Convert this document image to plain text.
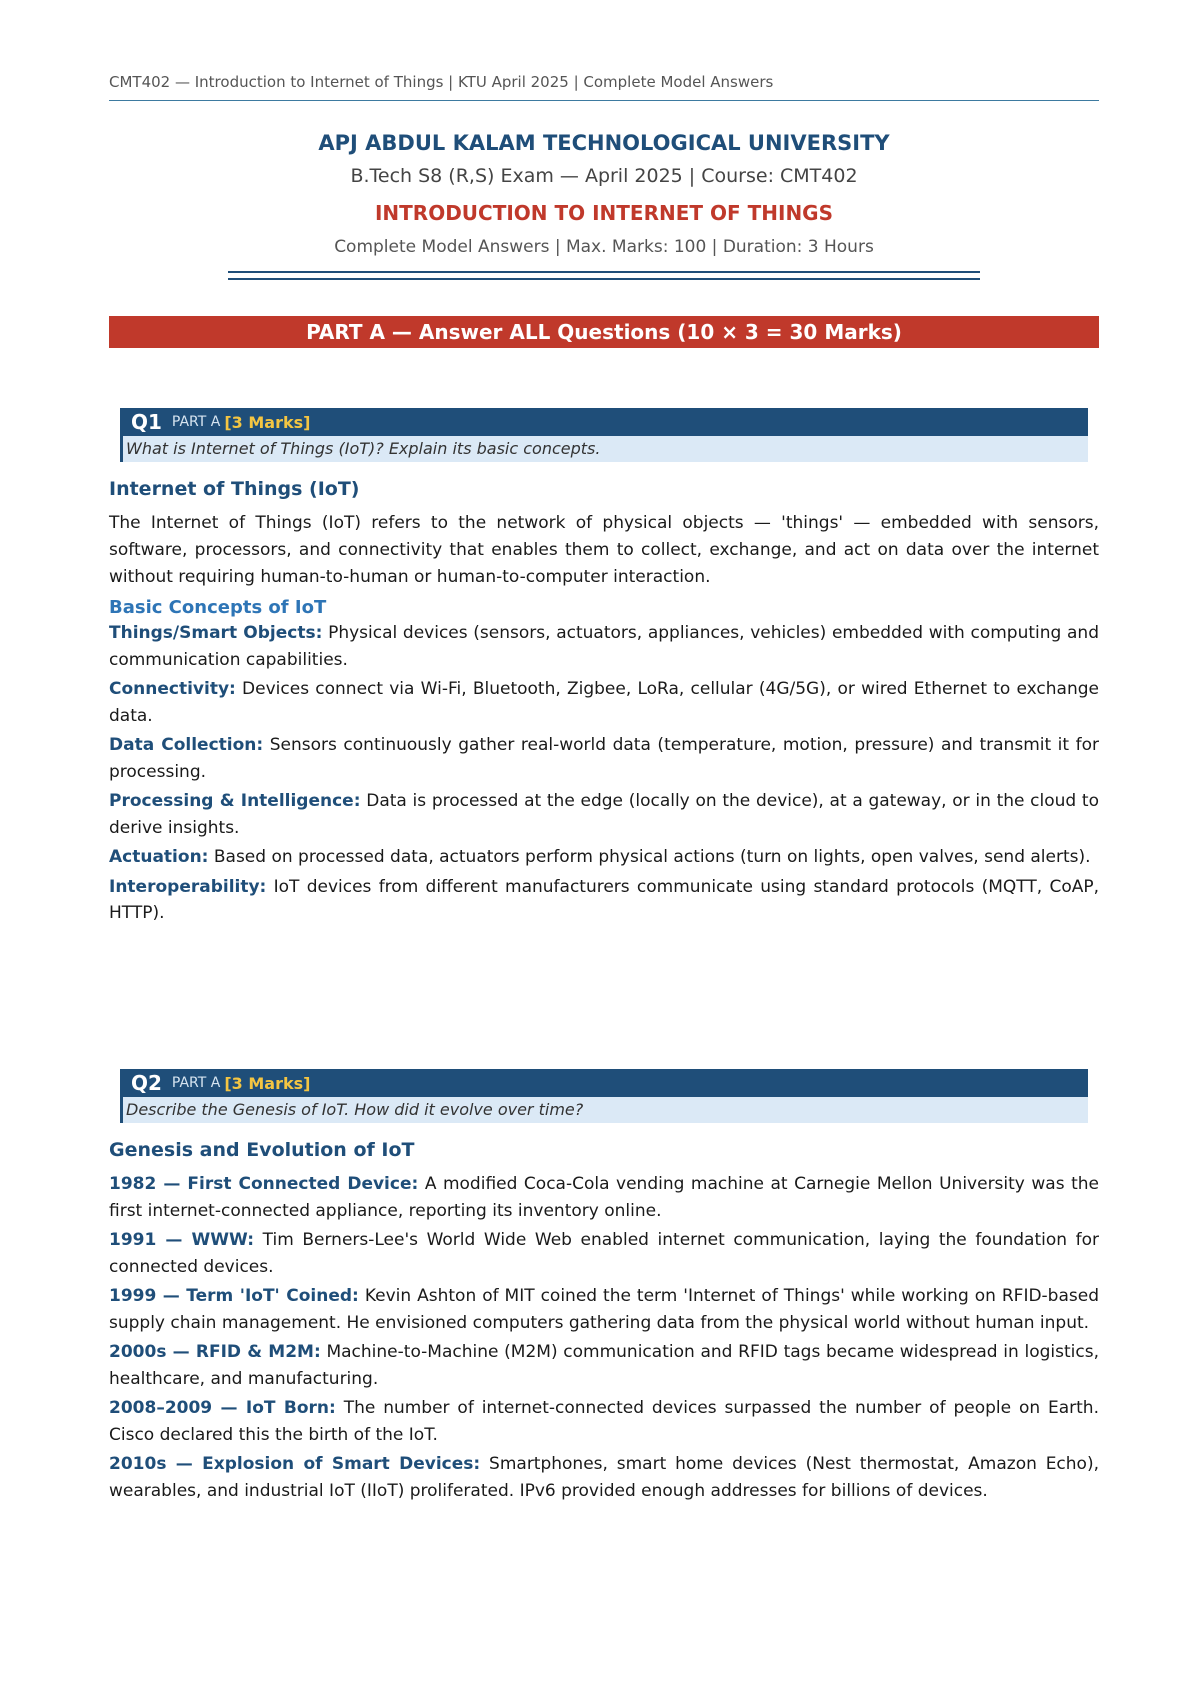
CMT402 — Introduction to Internet of Things | KTU April 2025 | Complete Model Answers

APJ ABDUL KALAM TECHNOLOGICAL UNIVERSITY

B.Tech S8 (R,S) Exam — April 2025 | Course: CMT402

INTRODUCTION TO INTERNET OF THINGS

Complete Model Answers | Max. Marks: 100 | Duration: 3 Hours

PART A — Answer ALL Questions (10 × 3 = 30 Marks)
Q1 PART A [3 Marks]
What is Internet of Things (IoT)? Explain its basic concepts.
Internet of Things (IoT)

The Internet of Things (IoT) refers to the network of physical objects — 'things' — embedded with sensors, software, processors, and connectivity that enables them to collect, exchange, and act on data over the internet without requiring human-to-human or human-to-computer interaction.

Basic Concepts of IoT

Things/Smart Objects: Physical devices (sensors, actuators, appliances, vehicles) embedded with computing and communication capabilities.

Connectivity: Devices connect via Wi-Fi, Bluetooth, Zigbee, LoRa, cellular (4G/5G), or wired Ethernet to exchange data.

Data Collection: Sensors continuously gather real-world data (temperature, motion, pressure) and transmit it for processing.

Processing & Intelligence: Data is processed at the edge (locally on the device), at a gateway, or in the cloud to derive insights.

Actuation: Based on processed data, actuators perform physical actions (turn on lights, open valves, send alerts).

Interoperability: IoT devices from different manufacturers communicate using standard protocols (MQTT, CoAP, HTTP).

Q2 PART A [3 Marks]
Describe the Genesis of IoT. How did it evolve over time?
Genesis and Evolution of IoT

1982 — First Connected Device: A modified Coca-Cola vending machine at Carnegie Mellon University was the first internet-connected appliance, reporting its inventory online.

1991 — WWW: Tim Berners-Lee's World Wide Web enabled internet communication, laying the foundation for connected devices.

1999 — Term 'IoT' Coined: Kevin Ashton of MIT coined the term 'Internet of Things' while working on RFID-based supply chain management. He envisioned computers gathering data from the physical world without human input.

2000s — RFID & M2M: Machine-to-Machine (M2M) communication and RFID tags became widespread in logistics, healthcare, and manufacturing.

2008–2009 — IoT Born: The number of internet-connected devices surpassed the number of people on Earth. Cisco declared this the birth of the IoT.

2010s — Explosion of Smart Devices: Smartphones, smart home devices (Nest thermostat, Amazon Echo), wearables, and industrial IoT (IIoT) proliferated. IPv6 provided enough addresses for billions of devices.
